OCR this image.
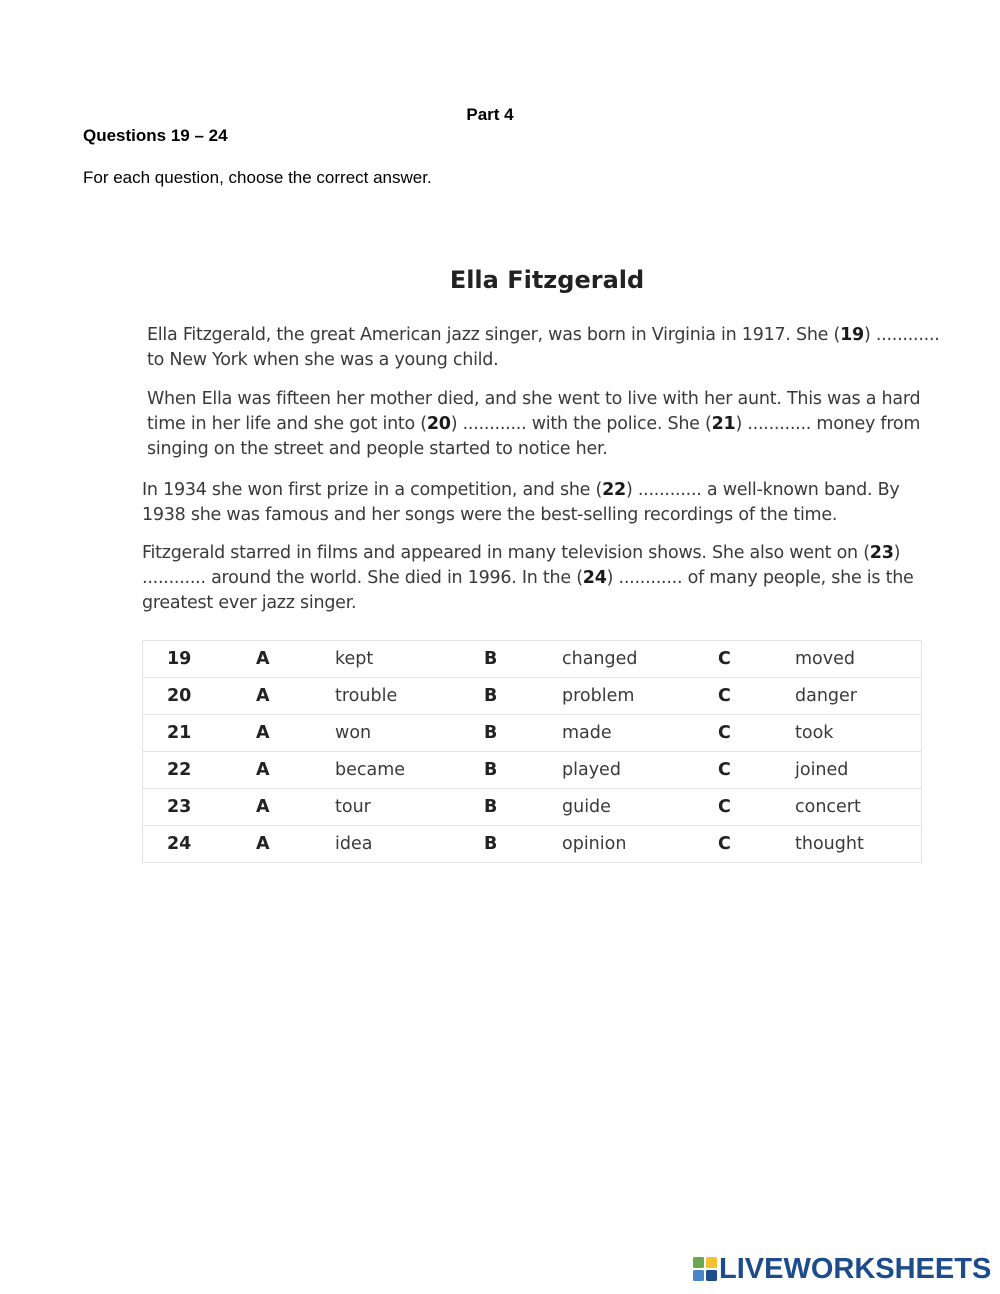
Part 4
Questions 19 – 24
For each question, choose the correct answer.
Ella Fitzgerald
Ella Fitzgerald, the great American jazz singer, was born in Virginia in 1917. She (19) ............ to New York when she was a young child.
When Ella was fifteen her mother died, and she went to live with her aunt. This was a hard time in her life and she got into (20) ............ with the police. She (21) ............ money from singing on the street and people started to notice her.
In 1934 she won first prize in a competition, and she (22) ............ a well-known band. By 1938 she was famous and her songs were the best-selling recordings of the time.
Fitzgerald starred in films and appeared in many television shows. She also went on (23) ............ around the world. She died in 1996. In the (24) ............ of many people, she is the greatest ever jazz singer.
19	A	kept	B	changed	C	moved
20	A	trouble	B	problem	C	danger
21	A	won	B	made	C	took
22	A	became	B	played	C	joined
23	A	tour	B	guide	C	concert
24	A	idea	B	opinion	C	thought
LIVEWORKSHEETS
